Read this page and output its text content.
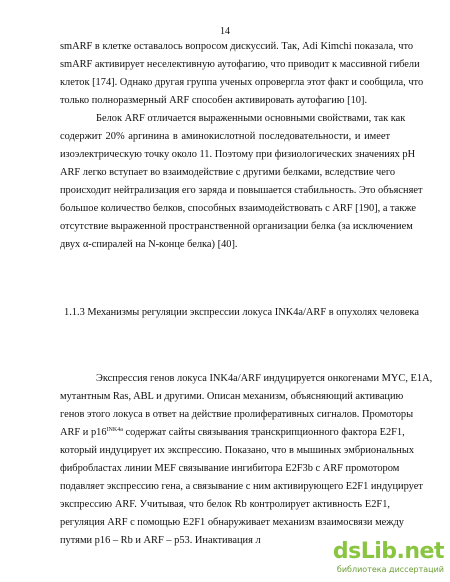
14
smARF в клетке оставалось вопросом дискуссий. Так, Adi Kimchi показала, что
smARF активирует неселективную аутофагию, что приводит к массивной гибели
клеток [174]. Однако другая группа ученых опровергла этот факт и сообщила, что
только полноразмерный ARF способен активировать аутофагию [10].
Белок ARF отличается выраженными основными свойствами, так как
содержит 20% аргинина в аминокислотной последовательности, и имеет
изоэлектрическую точку около 11. Поэтому при физиологических значениях pH
ARF легко вступает во взаимодействие с другими белками, вследствие чего
происходит нейтрализация его заряда и повышается стабильность. Это объясняет
большое количество белков, способных взаимодействовать с ARF [190], а также
отсутствие выраженной пространственной организации белка (за исключением
двух α-спиралей на N-конце белка) [40].
1.1.3 Механизмы регуляции экспрессии локуса INK4a/ARF в опухолях человека
Экспрессия генов локуса INK4a/ARF индуцируется онкогенами MYC, E1A,
мутантным Ras, ABL и другими. Описан механизм, объясняющий активацию
генов этого локуса в ответ на действие пролиферативных сигналов. Промоторы
ARF и $p16^{INK4a}$ содержат сайты связывания транскрипционного фактора E2F1,
который индуцирует их экспрессию. Показано, что в мышиных эмбриональных
фибробластах линии MEF связывание ингибитора E2F3b с ARF промотором
подавляет экспрессию гена, а связывание с ним активирующего E2F1 индуцирует
экспрессию ARF. Учитывая, что белок Rb контролирует активность E2F1,
регуляция ARF с помощью E2F1 обнаруживает механизм взаимосвязи между
путями p16 – Rb и ARF – p53. Инактивация л	dsLib.net
библиотека диссертаций
